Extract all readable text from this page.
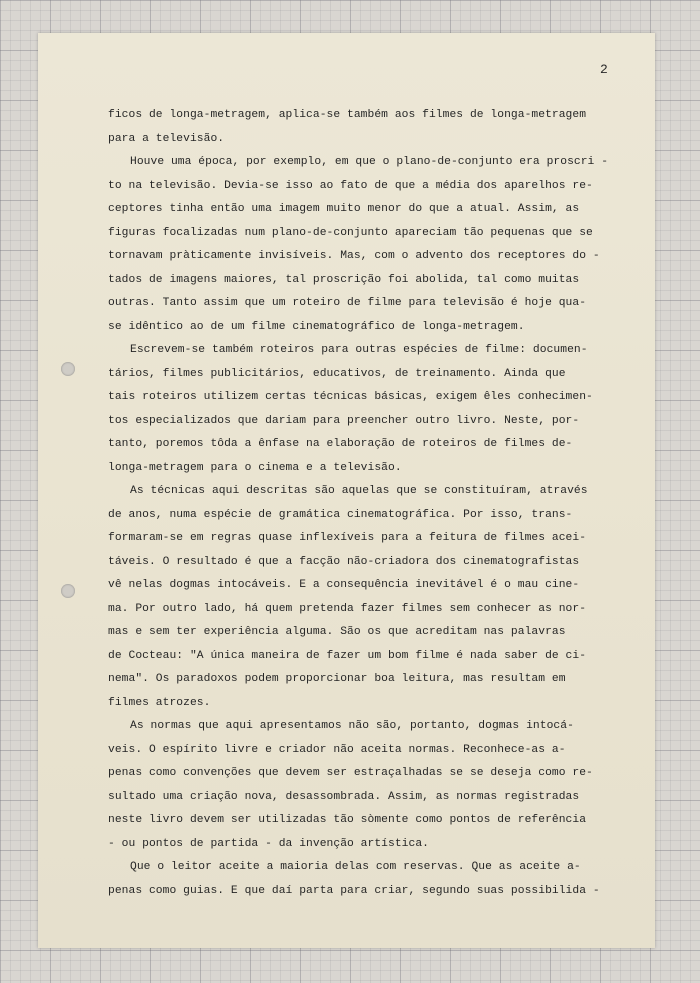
2
ficos de longa-metragem, aplica-se também aos filmes de longa-metragem
para a televisão.
Houve uma época, por exemplo, em que o plano-de-conjunto era proscri -
to na televisão. Devia-se isso ao fato de que a média dos aparelhos re-
ceptores tinha então uma imagem muito menor do que a atual. Assim, as
figuras focalizadas num plano-de-conjunto apareciam tão pequenas que se
tornavam pràticamente invisíveis. Mas, com o advento dos receptores do -
tados de imagens maiores, tal proscrição foi abolida, tal como muitas
outras. Tanto assim que um roteiro de filme para televisão é hoje qua-
se idêntico ao de um filme cinematográfico de longa-metragem.
Escrevem-se também roteiros para outras espécies de filme: documen-
tários, filmes publicitários, educativos, de treinamento. Ainda que
tais roteiros utilizem certas técnicas básicas, exigem êles conhecimen-
tos especializados que dariam para preencher outro livro. Neste, por-
tanto, poremos tôda a ênfase na elaboração de roteiros de filmes de-
longa-metragem para o cinema e a televisão.
As técnicas aqui descritas são aquelas que se constituíram, através
de anos, numa espécie de gramática cinematográfica. Por isso, trans-
formaram-se em regras quase inflexíveis para a feitura de filmes acei-
táveis. O resultado é que a facção não-criadora dos cinematografistas
vê nelas dogmas intocáveis. E a consequência inevitável é o mau cine-
ma. Por outro lado, há quem pretenda fazer filmes sem conhecer as nor-
mas e sem ter experiência alguma. São os que acreditam nas palavras
de Cocteau: "A única maneira de fazer um bom filme é nada saber de ci-
nema". Os paradoxos podem proporcionar boa leitura, mas resultam em
filmes atrozes.
As normas que aqui apresentamos não são, portanto, dogmas intocá-
veis. O espírito livre e criador não aceita normas. Reconhece-as a-
penas como convenções que devem ser estraçalhadas se se deseja como re-
sultado uma criação nova, desassombrada. Assim, as normas registradas
neste livro devem ser utilizadas tão sòmente como pontos de referência
- ou pontos de partida - da invenção artística.
Que o leitor aceite a maioria delas com reservas. Que as aceite a-
penas como guias. E que daí parta para criar, segundo suas possibilida -
